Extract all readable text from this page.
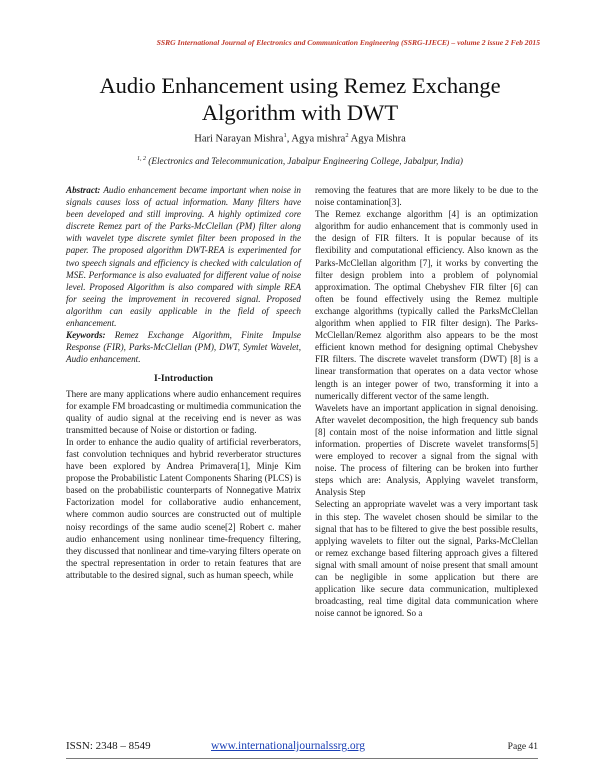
SSRG International Journal of Electronics and Communication Engineering (SSRG-IJECE) – volume 2 issue 2 Feb 2015
Audio Enhancement using Remez Exchange
Algorithm with DWT
Hari Narayan Mishra$^1$, Agya mishra$^2$ Agya Mishra
$^{1, 2}$ (Electronics and Telecommunication, Jabalpur Engineering College, Jabalpur, India)

Abstract: Audio enhancement became important when noise in signals causes loss of actual information. Many filters have been developed and still improving. A highly optimized core discrete Remez part of the Parks-McClellan (PM) filter along with wavelet type discrete symlet filter been proposed in the paper. The proposed algorithm DWT-REA is experimented for two speech signals and efficiency is checked with calculation of MSE. Performance is also evaluated for different value of noise level. Proposed Algorithm is also compared with simple REA for seeing the improvement in recovered signal. Proposed algorithm can easily applicable in the field of speech enhancement.

Keywords: Remez Exchange Algorithm, Finite Impulse Response (FIR), Parks-McClellan (PM), DWT, Symlet Wavelet, Audio enhancement.

I-Introduction

There are many applications where audio enhancement requires for example FM broadcasting or multimedia communication the quality of audio signal at the receiving end is never as was transmitted because of Noise or distortion or fading.

In order to enhance the audio quality of artificial reverberators, fast convolution techniques and hybrid reverberator structures have been explored by Andrea Primavera[1], Minje Kim propose the Probabilistic Latent Components Sharing (PLCS) is based on the probabilistic counterparts of Nonnegative Matrix Factorization model for collaborative audio enhancement, where common audio sources are constructed out of multiple noisy recordings of the same audio scene[2] Robert c. maher audio enhancement using nonlinear time-frequency filtering, they discussed that nonlinear and time-varying filters operate on the spectral representation in order to retain features that are attributable to the desired signal, such as human speech, while

removing the features that are more likely to be due to the noise contamination[3].

The Remez exchange algorithm [4] is an optimization algorithm for audio enhancement that is commonly used in the design of FIR filters. It is popular because of its flexibility and computational efficiency. Also known as the Parks-McClellan algorithm [7], it works by converting the filter design problem into a problem of polynomial approximation. The optimal Chebyshev FIR filter [6] can often be found effectively using the Remez multiple exchange algorithms (typically called the ParksMcClellan algorithm when applied to FIR filter design). The Parks-McClellan/Remez algorithm also appears to be the most efficient known method for designing optimal Chebyshev FIR filters. The discrete wavelet transform (DWT) [8] is a linear transformation that operates on a data vector whose length is an integer power of two, transforming it into a numerically different vector of the same length.

Wavelets have an important application in signal denoising. After wavelet decomposition, the high frequency sub bands [8] contain most of the noise information and little signal information. properties of Discrete wavelet transforms[5] were employed to recover a signal from the signal with noise. The process of filtering can be broken into further steps which are: Analysis, Applying wavelet transform, Analysis Step

Selecting an appropriate wavelet was a very important task in this step. The wavelet chosen should be similar to the signal that has to be filtered to give the best possible results, applying wavelets to filter out the signal, Parks-McClellan or remez exchange based filtering approach gives a filtered signal with small amount of noise present that small amount can be negligible in some application but there are application like secure data communication, multiplexed broadcasting, real time digital data communication where noise cannot be ignored. So a

ISSN: 2348 – 8549	www.internationaljournalssrg.org	Page 41
